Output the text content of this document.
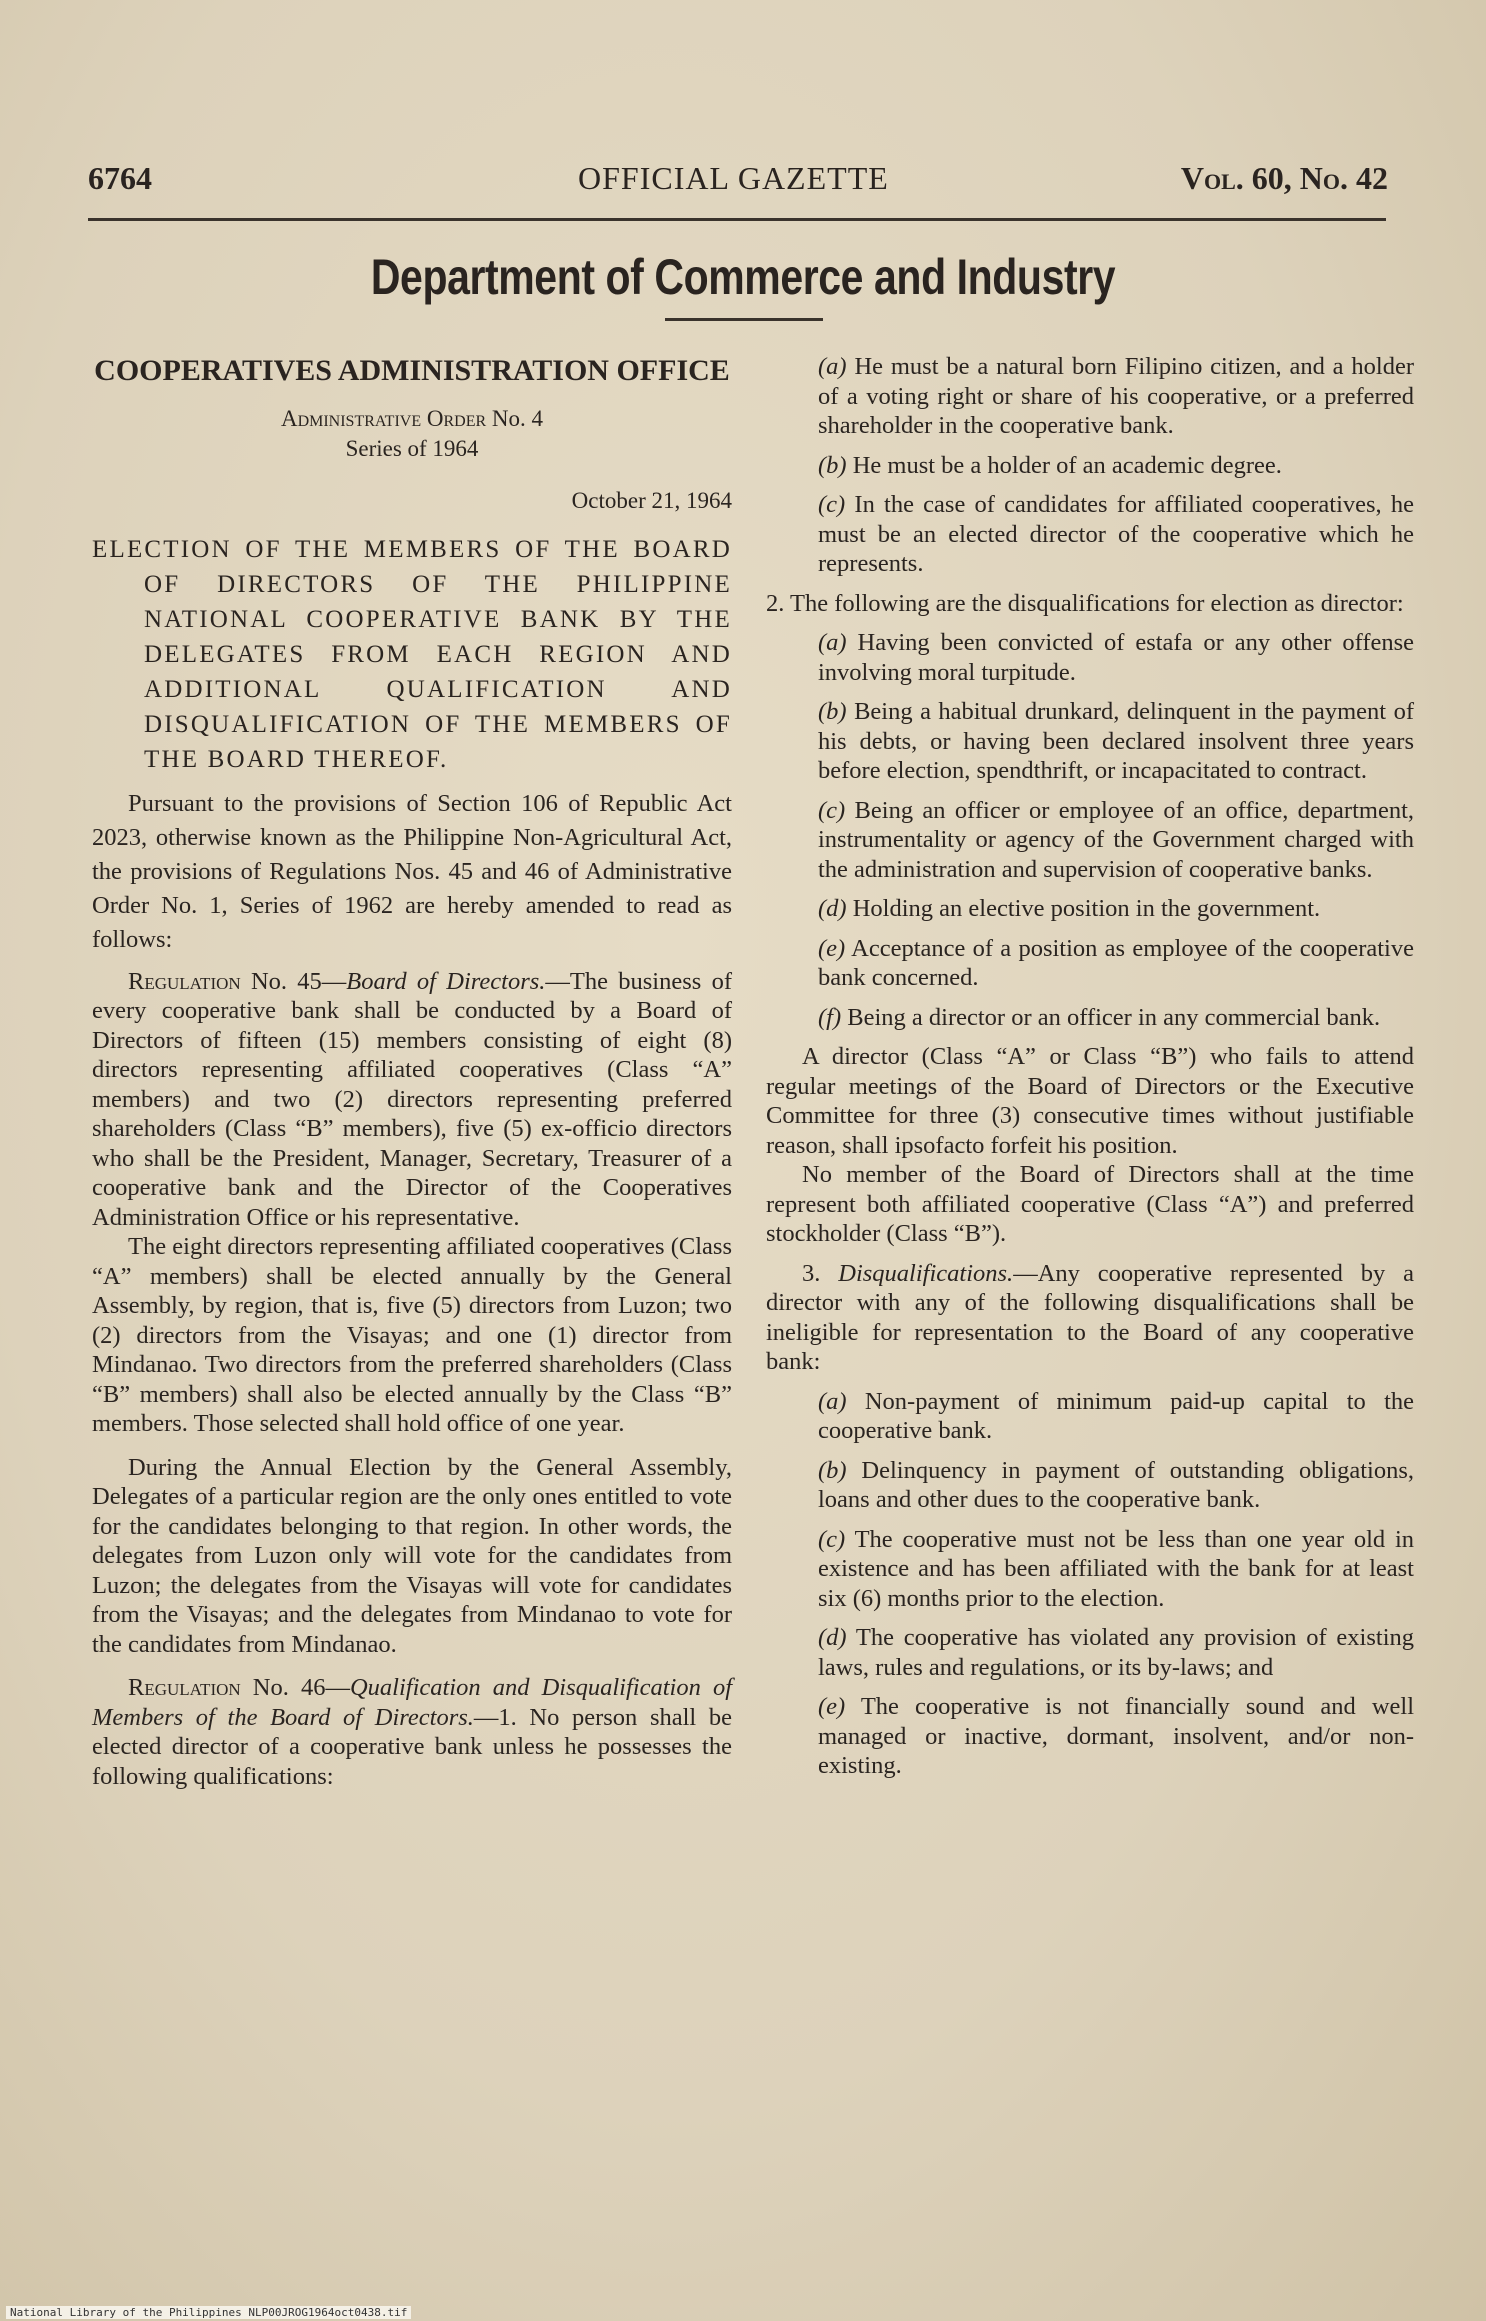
6764	OFFICIAL GAZETTE	Vol. 60, No. 42
Department of Commerce and Industry
COOPERATIVES ADMINISTRATION OFFICE

Administrative Order No. 4

Series of 1964

October 21, 1964

ELECTION OF THE MEMBERS OF THE BOARD OF DIRECTORS OF THE PHILIPPINE NATIONAL COOPERATIVE BANK BY THE DELEGATES FROM EACH REGION AND ADDITIONAL QUALIFICATION AND DISQUALIFICATION OF THE MEMBERS OF THE BOARD THEREOF.

Pursuant to the provisions of Section 106 of Republic Act 2023, otherwise known as the Philippine Non-Agricultural Act, the provisions of Regulations Nos. 45 and 46 of Administrative Order No. 1, Series of 1962 are hereby amended to read as follows:

Regulation No. 45—Board of Directors.—The business of every cooperative bank shall be conducted by a Board of Directors of fifteen (15) members consisting of eight (8) directors representing affiliated cooperatives (Class “A” members) and two (2) directors representing preferred shareholders (Class “B” members), five (5) ex-officio directors who shall be the President, Manager, Secretary, Treasurer of a cooperative bank and the Director of the Cooperatives Administration Office or his representative.

The eight directors representing affiliated cooperatives (Class “A” members) shall be elected annually by the General Assembly, by region, that is, five (5) directors from Luzon; two (2) directors from the Visayas; and one (1) director from Mindanao. Two directors from the preferred shareholders (Class “B” members) shall also be elected annually by the Class “B” members. Those selected shall hold office of one year.

During the Annual Election by the General Assembly, Delegates of a particular region are the only ones entitled to vote for the candidates belonging to that region. In other words, the delegates from Luzon only will vote for the candidates from Luzon; the delegates from the Visayas will vote for candidates from the Visayas; and the delegates from Mindanao to vote for the candidates from Mindanao.

Regulation No. 46—Qualification and Disqualification of Members of the Board of Directors.—1. No person shall be elected director of a cooperative bank unless he possesses the following qualifications:

(a) He must be a natural born Filipino citizen, and a holder of a voting right or share of his cooperative, or a preferred shareholder in the cooperative bank.

(b) He must be a holder of an academic degree.

(c) In the case of candidates for affiliated cooperatives, he must be an elected director of the cooperative which he represents.

2. The following are the disqualifications for election as director:

(a) Having been convicted of estafa or any other offense involving moral turpitude.

(b) Being a habitual drunkard, delinquent in the payment of his debts, or having been declared insolvent three years before election, spendthrift, or incapacitated to contract.

(c) Being an officer or employee of an office, department, instrumentality or agency of the Government charged with the administration and supervision of cooperative banks.

(d) Holding an elective position in the government.

(e) Acceptance of a position as employee of the cooperative bank concerned.

(f) Being a director or an officer in any commercial bank.

A director (Class “A” or Class “B”) who fails to attend regular meetings of the Board of Directors or the Executive Committee for three (3) consecutive times without justifiable reason, shall ipsofacto forfeit his position.

No member of the Board of Directors shall at the time represent both affiliated cooperative (Class “A”) and preferred stockholder (Class “B”).

3. Disqualifications.—Any cooperative represented by a director with any of the following disqualifications shall be ineligible for representation to the Board of any cooperative bank:

(a) Non-payment of minimum paid-up capital to the cooperative bank.

(b) Delinquency in payment of outstanding obligations, loans and other dues to the cooperative bank.

(c) The cooperative must not be less than one year old in existence and has been affiliated with the bank for at least six (6) months prior to the election.

(d) The cooperative has violated any provision of existing laws, rules and regulations, or its by-laws; and

(e) The cooperative is not financially sound and well managed or inactive, dormant, insolvent, and/or non-existing.

National Library of the Philippines NLP00JROG1964oct0438.tif
